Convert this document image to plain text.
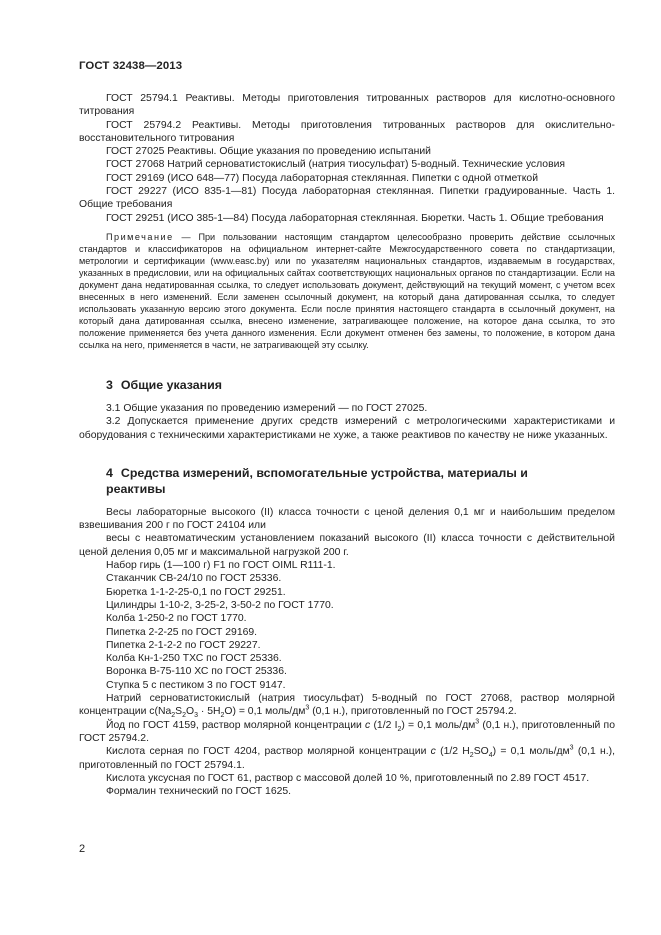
ГОСТ 32438—2013

ГОСТ 25794.1 Реактивы. Методы приготовления титрованных растворов для кислотно-основного титрования

ГОСТ 25794.2 Реактивы. Методы приготовления титрованных растворов для окислительно-восстановительного титрования

ГОСТ 27025 Реактивы. Общие указания по проведению испытаний

ГОСТ 27068 Натрий серноватистокислый (натрия тиосульфат) 5-водный. Технические условия

ГОСТ 29169 (ИСО 648—77) Посуда лабораторная стеклянная. Пипетки с одной отметкой

ГОСТ 29227 (ИСО 835-1—81) Посуда лабораторная стеклянная. Пипетки градуированные. Часть 1. Общие требования

ГОСТ 29251 (ИСО 385-1—84) Посуда лабораторная стеклянная. Бюретки. Часть 1. Общие требования

Примечание — При пользовании настоящим стандартом целесообразно проверить действие ссылочных стандартов и классификаторов на официальном интернет-сайте Межгосударственного совета по стандартизации, метрологии и сертификации (www.easc.by) или по указателям национальных стандартов, издаваемым в государствах, указанных в предисловии, или на официальных сайтах соответствующих национальных органов по стандартизации. Если на документ дана недатированная ссылка, то следует использовать документ, действующий на текущий момент, с учетом всех внесенных в него изменений. Если заменен ссылочный документ, на который дана датированная ссылка, то следует использовать указанную версию этого документа. Если после принятия настоящего стандарта в ссылочный документ, на который дана датированная ссылка, внесено изменение, затрагивающее положение, на которое дана ссылка, то это положение применяется без учета данного изменения. Если документ отменен без замены, то положение, в котором дана ссылка на него, применяется в части, не затрагивающей эту ссылку.

3 Общие указания

3.1 Общие указания по проведению измерений — по ГОСТ 27025.

3.2 Допускается применение других средств измерений с метрологическими характеристиками и оборудования с техническими характеристиками не хуже, а также реактивов по качеству не ниже указанных.

4 Средства измерений, вспомогательные устройства, материалы и реактивы

Весы лабораторные высокого (II) класса точности с ценой деления 0,1 мг и наибольшим пределом взвешивания 200 г по ГОСТ 24104 или

весы с неавтоматическим установлением показаний высокого (II) класса точности с действительной ценой деления 0,05 мг и максимальной нагрузкой 200 г.

Набор гирь (1—100 г) F1 по ГОСТ OIML R111-1.

Стаканчик СВ-24/10 по ГОСТ 25336.

Бюретка 1-1-2-25-0,1 по ГОСТ 29251.

Цилиндры 1-10-2, 3-25-2, 3-50-2 по ГОСТ 1770.

Колба 1-250-2 по ГОСТ 1770.

Пипетка 2-2-25 по ГОСТ 29169.

Пипетка 2-1-2-2 по ГОСТ 29227.

Колба Кн-1-250 ТХС по ГОСТ 25336.

Воронка В-75-110 ХС по ГОСТ 25336.

Ступка 5 с пестиком 3 по ГОСТ 9147.

Натрий серноватистокислый (натрия тиосульфат) 5-водный по ГОСТ 27068, раствор молярной концентрации $c(Na_2S_2O_3 \cdot 5H_2O) = 0,1$ моль/$дм^3$ (0,1 н.), приготовленный по ГОСТ 25794.2.

Йод по ГОСТ 4159, раствор молярной концентрации c (1/2 $I_2) = 0,1$ моль/$дм^3$ (0,1 н.), приготовленный по ГОСТ 25794.2.

Кислота серная по ГОСТ 4204, раствор молярной концентрации c (1/2 $H_2SO_4) = 0,1$ моль/$дм^3$ (0,1 н.), приготовленный по ГОСТ 25794.1.

Кислота уксусная по ГОСТ 61, раствор с массовой долей 10 %, приготовленный по 2.89 ГОСТ 4517.

Формалин технический по ГОСТ 1625.

2
